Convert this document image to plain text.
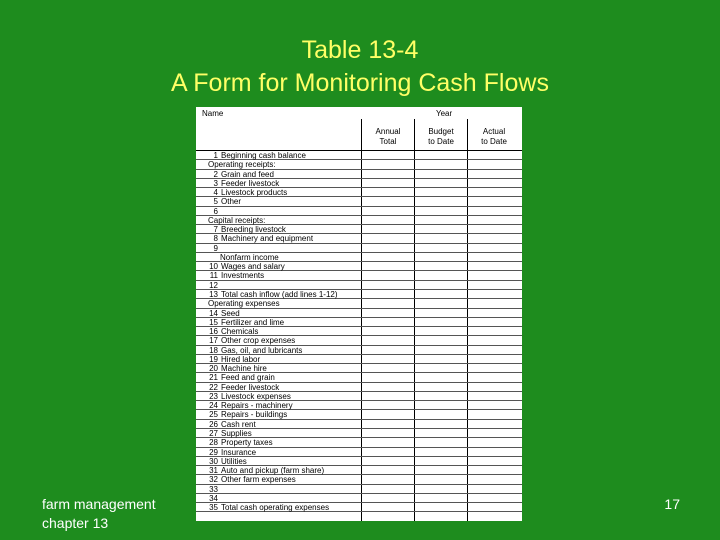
Table 13-4
A Form for Monitoring Cash Flows
Name	Year
Annual
Total
Budget
to Date
Actual
to Date
1 Beginning cash balance
Operating receipts:
2 Grain and feed
3 Feeder livestock
4 Livestock products
5 Other
6
Capital receipts:
7 Breeding livestock
8 Machinery and equipment
9
Nonfarm income
10 Wages and salary
11 Investments
12
13 Total cash inflow (add lines 1-12)
Operating expenses
14 Seed
15 Fertilizer and lime
16 Chemicals
17 Other crop expenses
18 Gas, oil, and lubricants
19 Hired labor
20 Machine hire
21 Feed and grain
22 Feeder livestock
23 Livestock expenses
24 Repairs - machinery
25 Repairs - buildings
26 Cash rent
27 Supplies
28 Property taxes
29 Insurance
30 Utilities
31 Auto and pickup (farm share)
32 Other farm expenses
33
34
35 Total cash operating expenses
farm management
chapter 13
17
